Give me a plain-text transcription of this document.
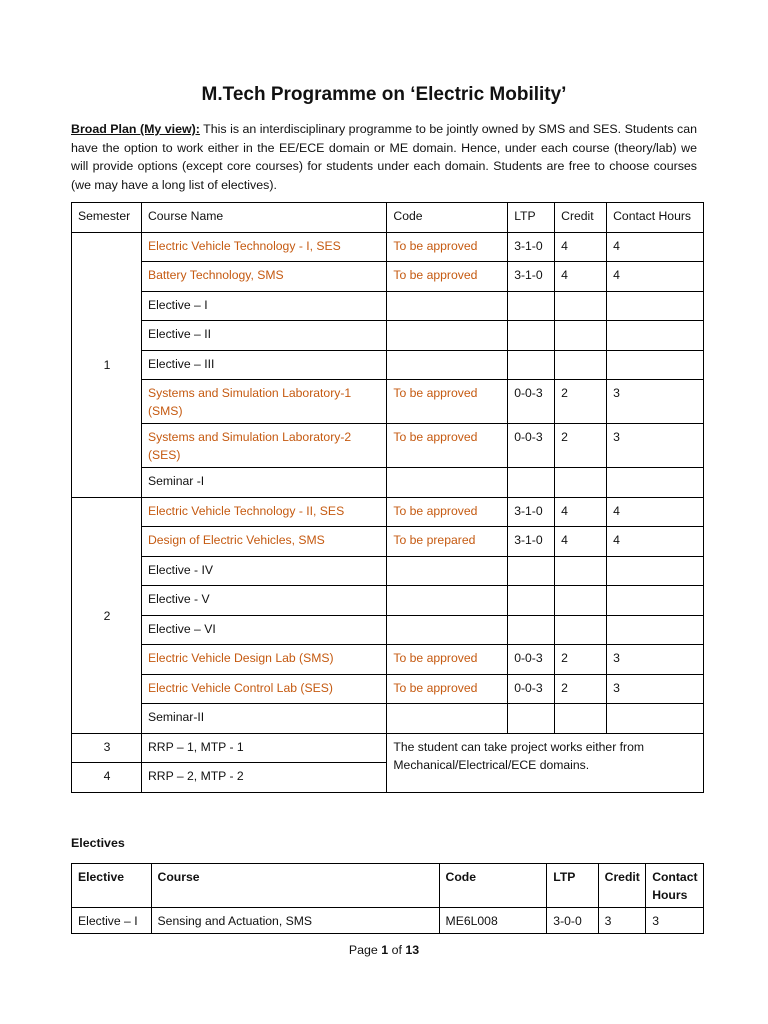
M.Tech Programme on ‘Electric Mobility’
Broad Plan (My view): This is an interdisciplinary programme to be jointly owned by SMS and SES. Students can have the option to work either in the EE/ECE domain or ME domain. Hence, under each course (theory/lab) we will provide options (except core courses) for students under each domain. Students are free to choose courses (we may have a long list of electives).
Semester	Course Name	Code	LTP	Credit	Contact Hours
1	Electric Vehicle Technology - I, SES	To be approved	3-1-0	4	4
	Battery Technology, SMS	To be approved	3-1-0	4	4
	Elective – I				
	Elective – II				
	Elective – III				
	Systems and Simulation Laboratory-1 (SMS)	To be approved	0-0-3	2	3
	Systems and Simulation Laboratory-2 (SES)	To be approved	0-0-3	2	3
	Seminar -I				
2	Electric Vehicle Technology - II, SES	To be approved	3-1-0	4	4
	Design of Electric Vehicles, SMS	To be prepared	3-1-0	4	4
	Elective - IV				
	Elective - V				
	Elective – VI				
	Electric Vehicle Design Lab (SMS)	To be approved	0-0-3	2	3
	Electric Vehicle Control Lab (SES)	To be approved	0-0-3	2	3
	Seminar-II				
3	RRP – 1, MTP - 1	The student can take project works either from Mechanical/Electrical/ECE domains.			
4	RRP – 2, MTP - 2				
Electives
Elective	Course	Code	LTP	Credit	Contact Hours
Elective – I	Sensing and Actuation, SMS	ME6L008	3-0-0	3	3
Page 1 of 13
